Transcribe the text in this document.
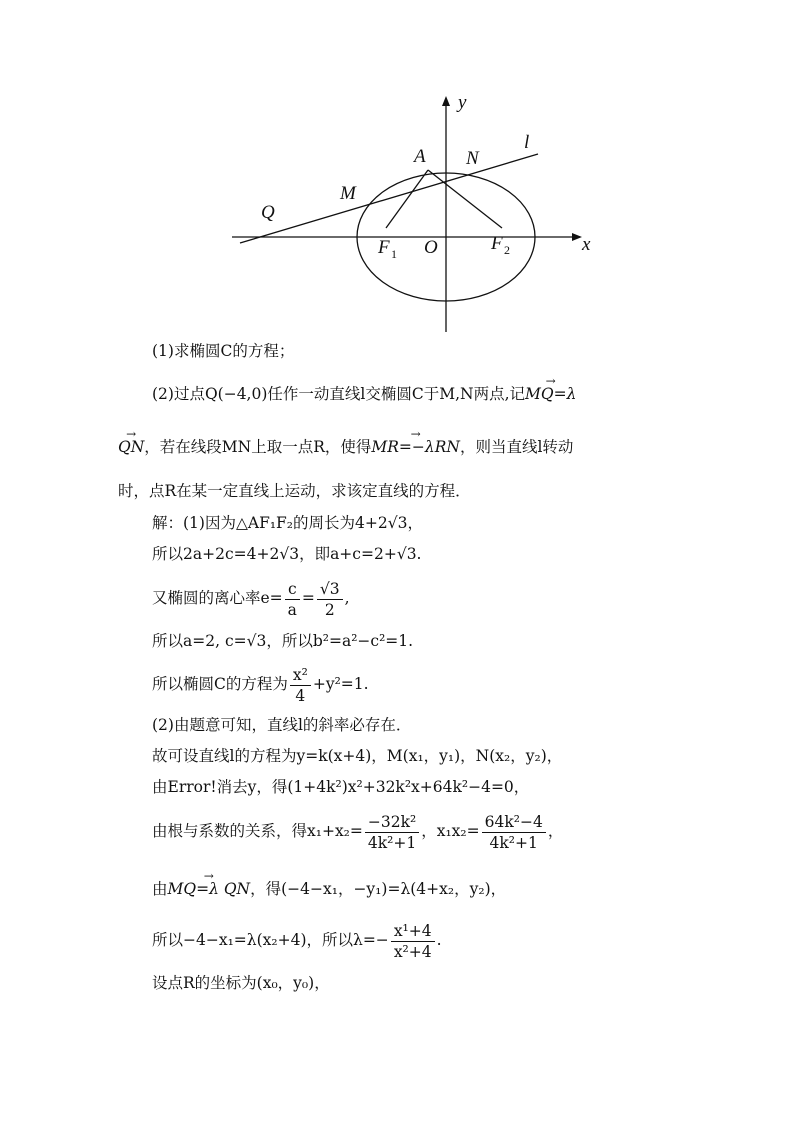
y
l
A N
M
Q
x
O
F 1	F 2
(1)求椭圆C的方程；
(2)过点Q(−4,0)任作一动直线l交椭圆C于M,N两点,记
→
MQ=λ
→
QN，若在线段MN上取一点R，使得
→
MR=−λRN，则当直线l转动
时，点R在某一定直线上运动，求该定直线的方程．
解：(1)因为△AF₁F₂的周长为4+2√3，
所以2a+2c=4+2√3，即a+c=2+√3.
又椭圆的离心率$e= \frac{c}{a} = \frac{√3}{2}$ ,
所以a=2, c=√3，所以b²=a²−c²=1.
所以椭圆C的方程为 $\frac{\text{x²}}{4} +y^2=1$.
(2)由题意可知，直线l的斜率必存在．
故可设直线l的方程为y=k(x+4)，M(x₁，y₁)，N(x₂，y₂)，
由Error!消去y，得(1+4k²)x²+32k²x+64k²−4=0，
由根与系数的关系，得$x_1+x_2= \frac{\text{−32k²}}{\text{4k²+1}}$ ，$x_1x_2= \frac{\text{64k²−4}}{\text{4k²+1}}$ ，
由
→
MQ=λ QN，得(−4−x₁，−y₁)=λ(4+x₂，y₂)，
所以−4−x₁=λ(x₂+4)，所以$\lambda=- \frac{\text{x¹+4}}{\text{x²+4}}$ .
设点R的坐标为(x₀，y₀)，
